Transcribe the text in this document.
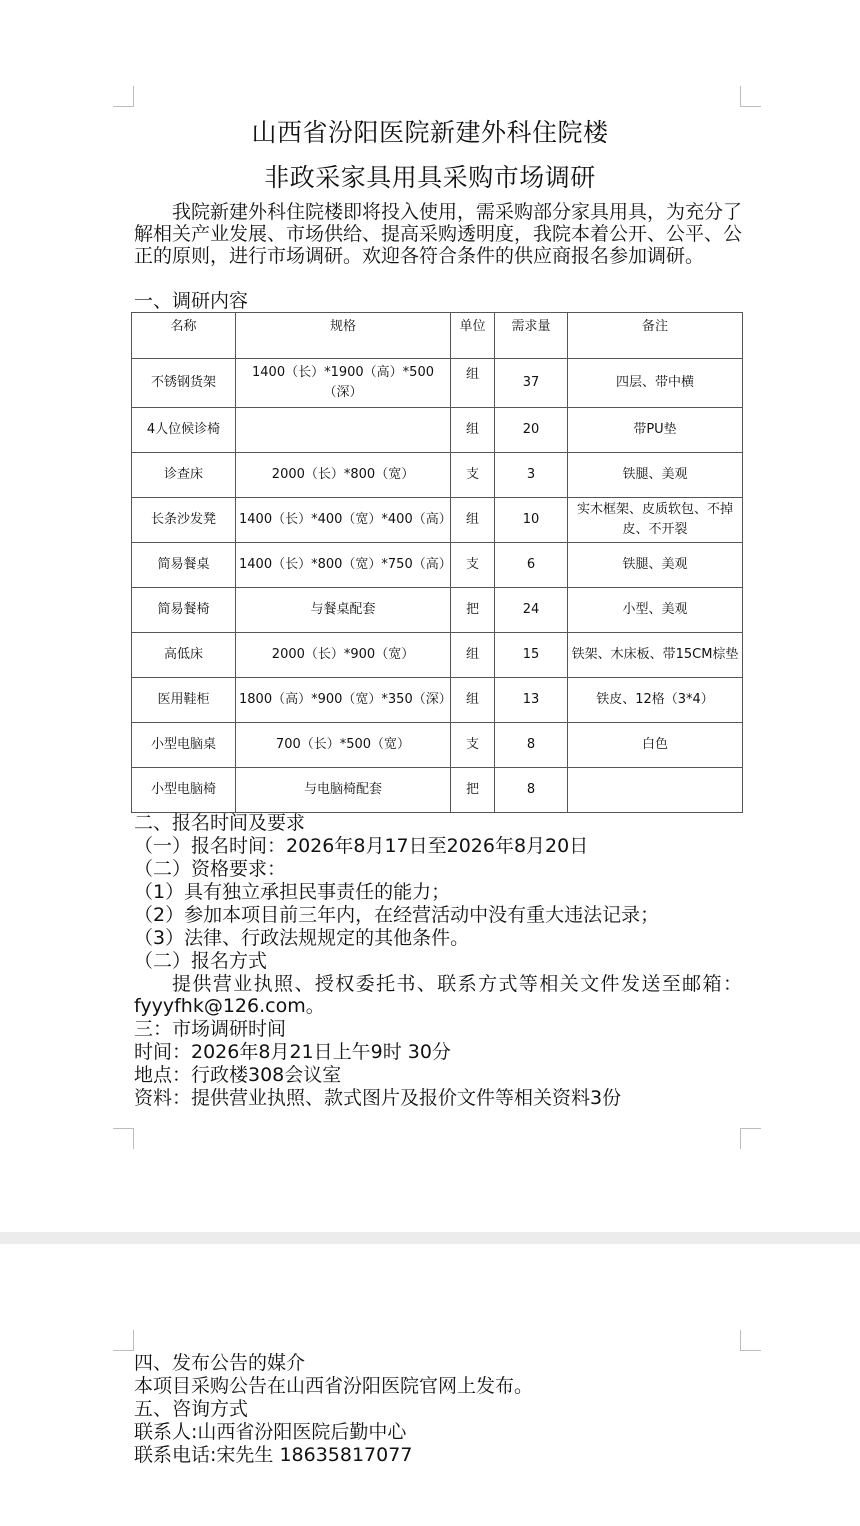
山西省汾阳医院新建外科住院楼
非政采家具用具采购市场调研
我院新建外科住院楼即将投入使用，需采购部分家具用具，为充分了解相关产业发展、市场供给、提高采购透明度，我院本着公开、公平、公正的原则，进行市场调研。欢迎各符合条件的供应商报名参加调研。
一、调研内容
名称	规格	单位	需求量	备注
不锈钢货架	1400（长）*1900（高）*500（深）	组	37	四层、带中横
4人位候诊椅		组	20	带PU垫
诊查床	2000（长）*800（宽）	支	3	铁腿、美观
长条沙发凳	1400（长）*400（宽）*400（高）	组	10	实木框架、皮质软包、不掉皮、不开裂
简易餐桌	1400（长）*800（宽）*750（高）	支	6	铁腿、美观
简易餐椅	与餐桌配套	把	24	小型、美观
高低床	2000（长）*900（宽）	组	15	铁架、木床板、带15CM棕垫
医用鞋柜	1800（高）*900（宽）*350（深）	组	13	铁皮、12格（3*4）
小型电脑桌	700（长）*500（宽）	支	8	白色
小型电脑椅	与电脑椅配套	把	8	
二、报名时间及要求
（一）报名时间：2026年8月17日至2026年8月20日
（二）资格要求：
（1）具有独立承担民事责任的能力；
（2）参加本项目前三年内，在经营活动中没有重大违法记录；
（3）法律、行政法规规定的其他条件。
（二）报名方式
提供营业执照、授权委托书、联系方式等相关文件发送至邮箱：fyyyfhk@126.com。
三：市场调研时间
时间：2026年8月21日上午9时 30分
地点：行政楼308会议室
资料：提供营业执照、款式图片及报价文件等相关资料3份
四、发布公告的媒介
本项目采购公告在山西省汾阳医院官网上发布。
五、咨询方式
联系人:山西省汾阳医院后勤中心
联系电话:宋先生 18635817077
